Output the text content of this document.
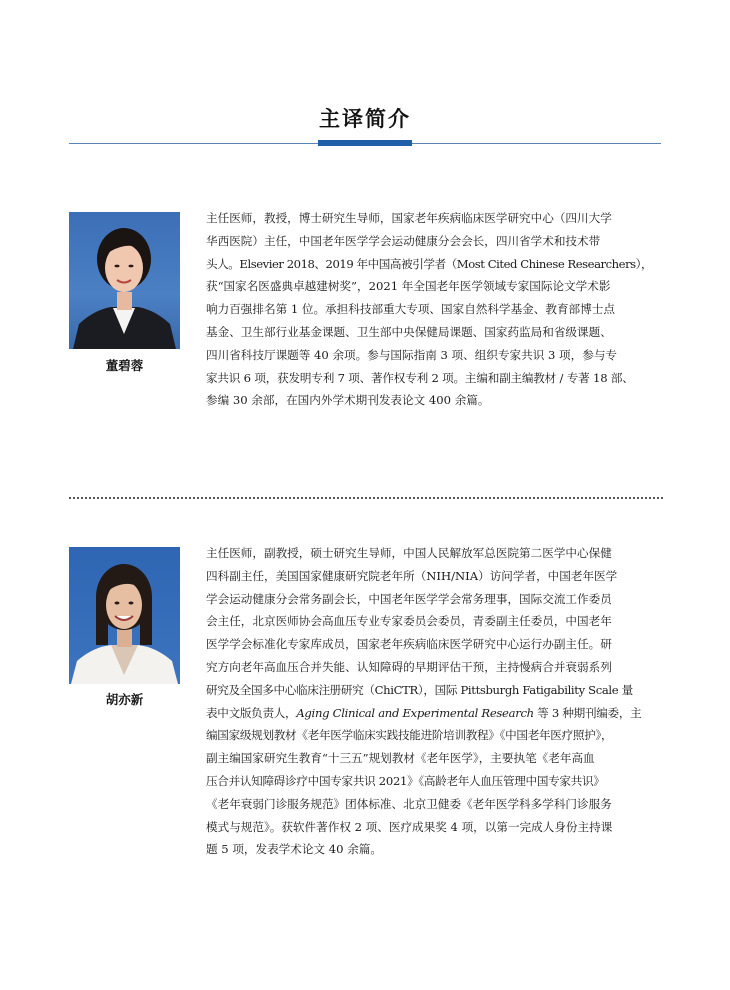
主译简介
董碧蓉
主任医师，教授，博士研究生导师，国家老年疾病临床医学研究中心（四川大学
华西医院）主任，中国老年医学学会运动健康分会会长，四川省学术和技术带
头人。Elsevier 2018、2019 年中国高被引学者（Most Cited Chinese Researchers），
获“国家名医盛典卓越建树奖”，2021 年全国老年医学领域专家国际论文学术影
响力百强排名第 1 位。承担科技部重大专项、国家自然科学基金、教育部博士点
基金、卫生部行业基金课题、卫生部中央保健局课题、国家药监局和省级课题、
四川省科技厅课题等 40 余项。参与国际指南 3 项、组织专家共识 3 项，参与专
家共识 6 项，获发明专利 7 项、著作权专利 2 项。主编和副主编教材 / 专著 18 部、
参编 30 余部，在国内外学术期刊发表论文 400 余篇。
胡亦新
主任医师，副教授，硕士研究生导师，中国人民解放军总医院第二医学中心保健
四科副主任，美国国家健康研究院老年所（NIH/NIA）访问学者，中国老年医学
学会运动健康分会常务副会长，中国老年医学学会常务理事，国际交流工作委员
会主任，北京医师协会高血压专业专家委员会委员，青委副主任委员，中国老年
医学学会标准化专家库成员，国家老年疾病临床医学研究中心运行办副主任。研
究方向老年高血压合并失能、认知障碍的早期评估干预，主持慢病合并衰弱系列
研究及全国多中心临床注册研究（ChiCTR），国际 Pittsburgh Fatigability Scale 量
表中文版负责人，Aging Clinical and Experimental Research 等 3 种期刊编委，主
编国家级规划教材《老年医学临床实践技能进阶培训教程》《中国老年医疗照护》，
副主编国家研究生教育“十三五”规划教材《老年医学》，主要执笔《老年高血
压合并认知障碍诊疗中国专家共识 2021》《高龄老年人血压管理中国专家共识》
《老年衰弱门诊服务规范》团体标准、北京卫健委《老年医学科多学科门诊服务
模式与规范》。获软件著作权 2 项、医疗成果奖 4 项，以第一完成人身份主持课
题 5 项，发表学术论文 40 余篇。
